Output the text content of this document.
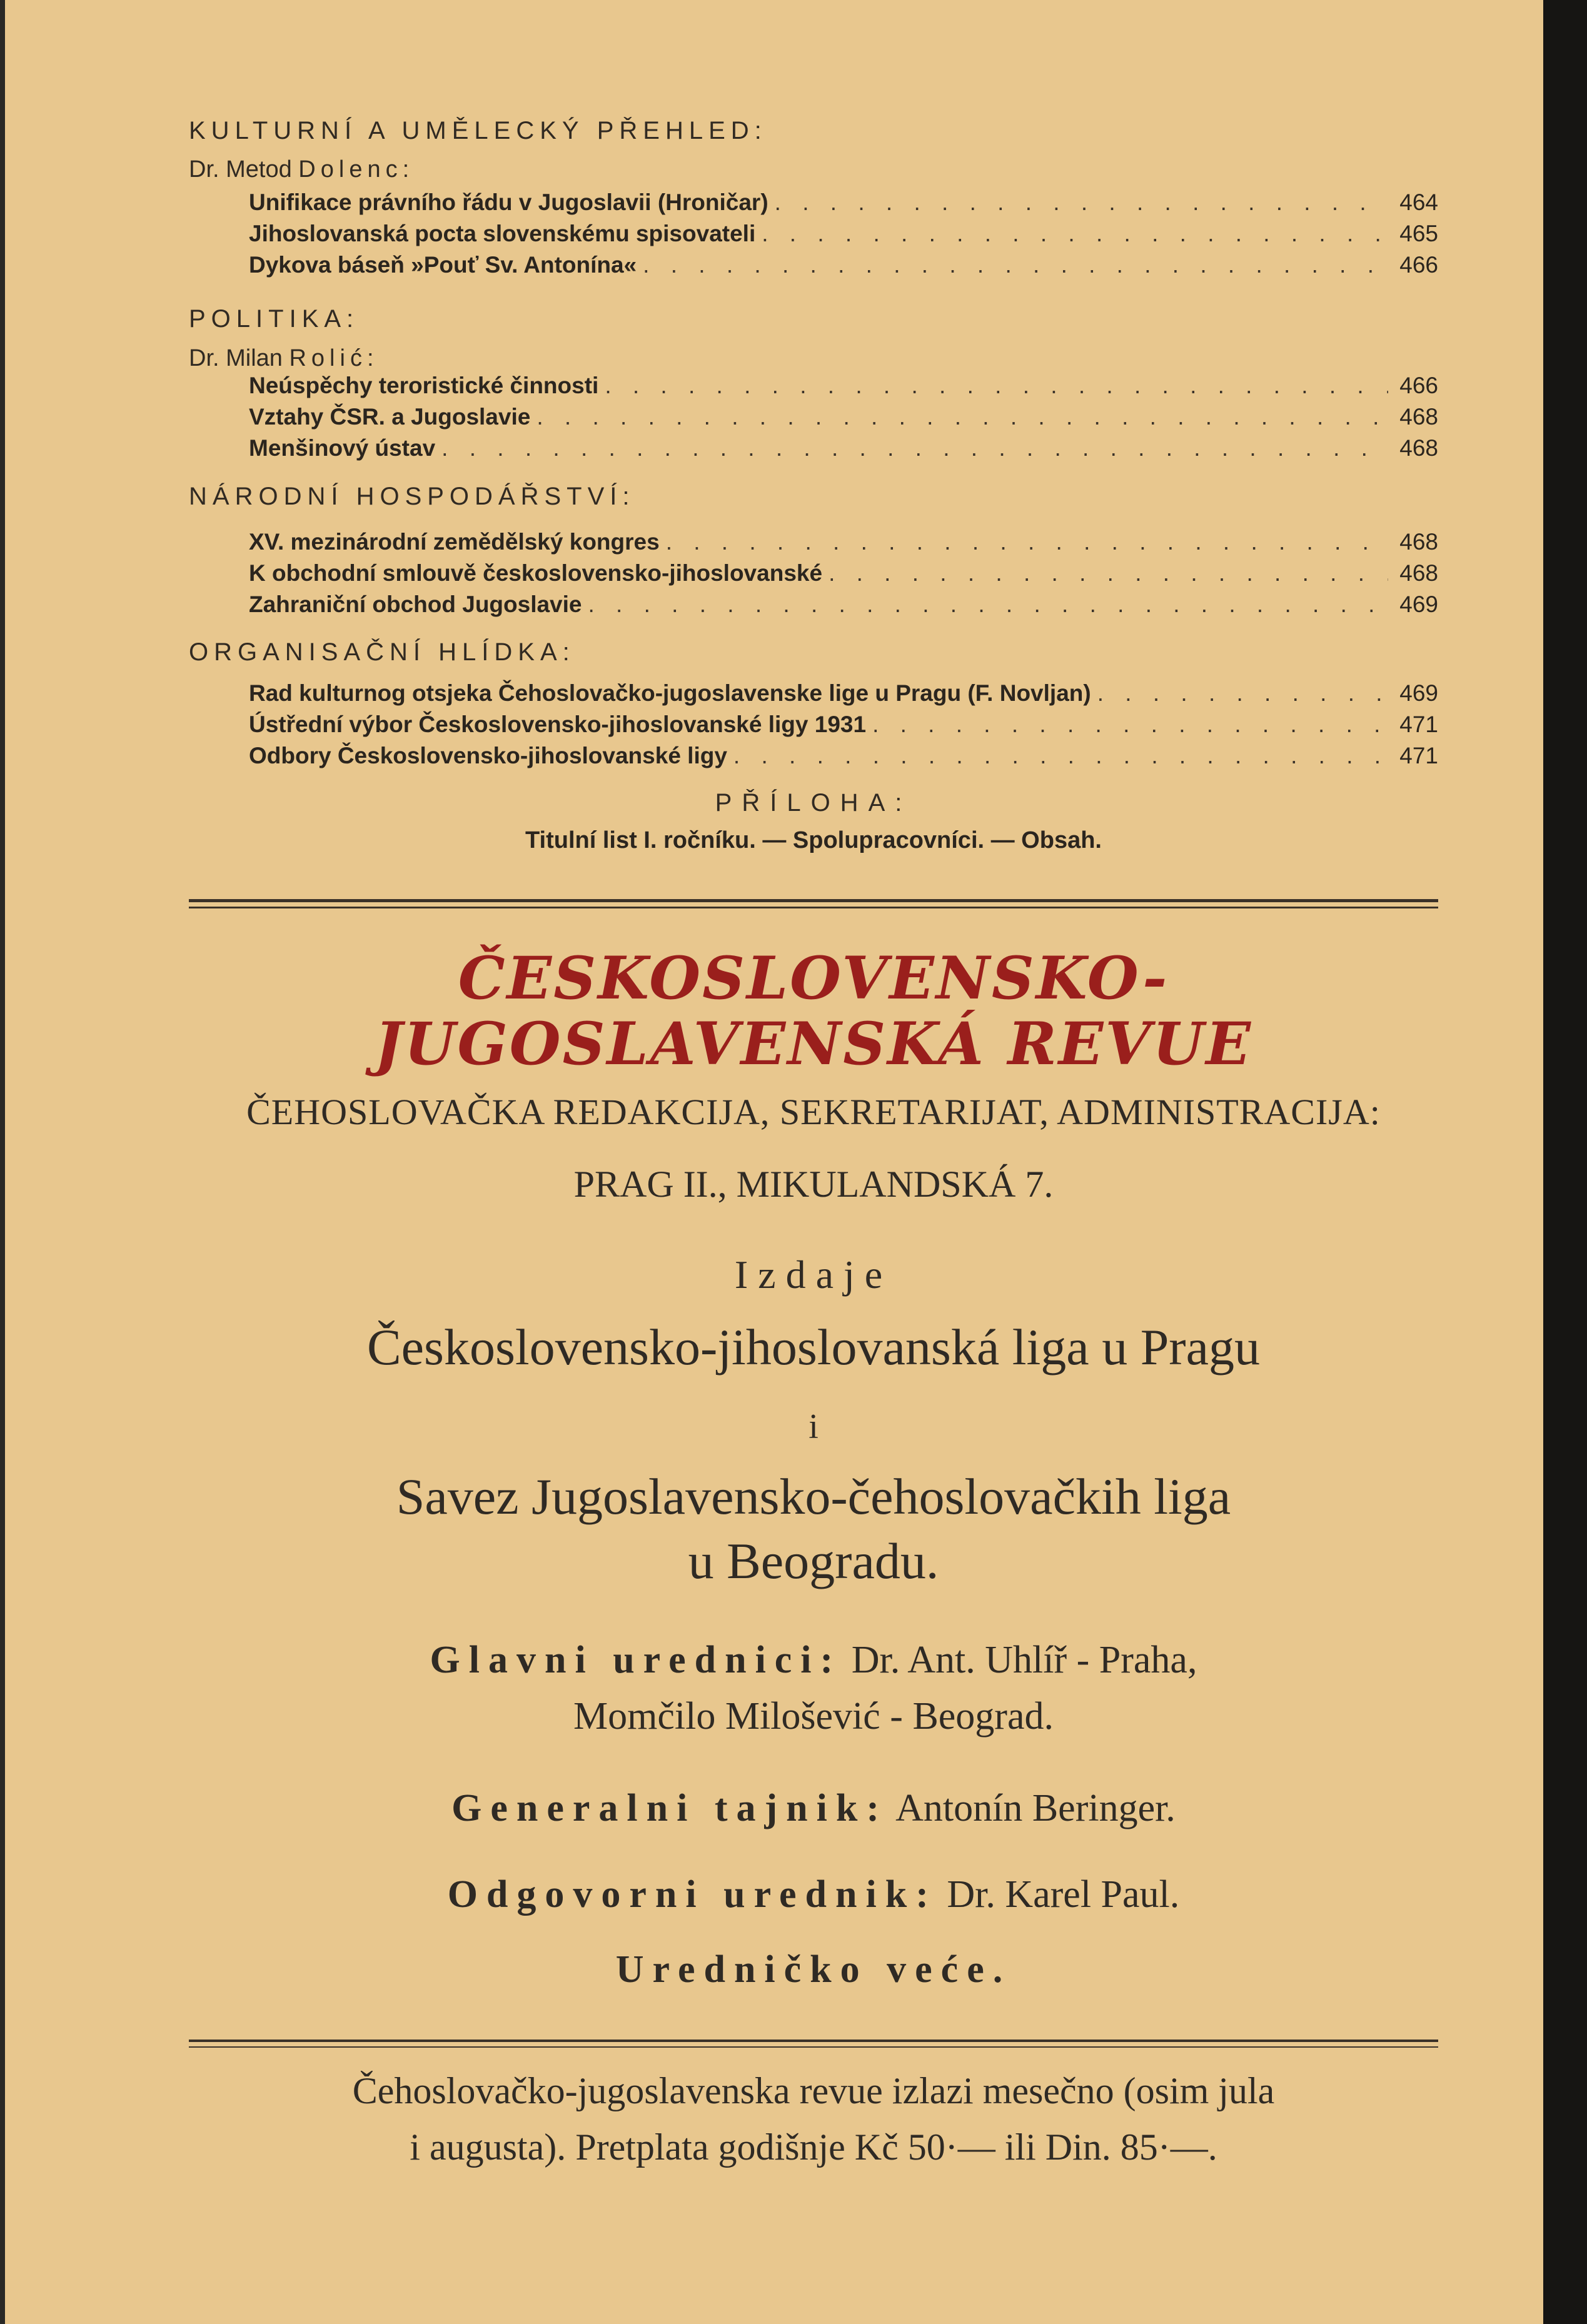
KULTURNÍ A UMĚLECKÝ PŘEHLED:
Dr. Metod Dolenc:
Unifikace právního řádu v Jugoslavii (Hroničar) . . .	464
Jihoslovanská pocta slovenskému spisovateli . . .	465
Dykova báseň »Pouť Sv. Antonína« . . .	466
POLITIKA:
Dr. Milan Rolić:
Neúspěchy teroristické činnosti . . .	466
Vztahy ČSR. a Jugoslavie . . .	468
Menšinový ústav . . .	468
NÁRODNÍ HOSPODÁŘSTVÍ:
XV. mezinárodní zemědělský kongres . . .	468
K obchodní smlouvě československo-jihoslovanské . . .	468
Zahraniční obchod Jugoslavie . . .	469
ORGANISAČNÍ HLÍDKA:
Rad kulturnog otsjeka Čehoslovačko-jugoslavenske lige u Pragu (F. Novljan) . . .	469
Ústřední výbor Československo-jihoslovanské ligy 1931 . . .	471
Odbory Československo-jihoslovanské ligy . . .	471
PŘÍLOHA:
Titulní list I. ročníku. — Spolupracovníci. — Obsah.
ČESKOSLOVENSKO-
JUGOSLAVENSKÁ REVUE
ČEHOSLOVAČKA REDAKCIJA, SEKRETARIJAT, ADMINISTRACIJA:
PRAG II., MIKULANDSKÁ 7.
Izdaje
Československo-jihoslovanská liga u Pragu
i
Savez Jugoslavensko-čehoslovačkih liga
u Beogradu.
Glavni urednici: Dr. Ant. Uhlíř - Praha,
Momčilo Milošević - Beograd.
Generalni tajnik: Antonín Beringer.
Odgovorni urednik: Dr. Karel Paul.
Uredničko veće.
Čehoslovačko-jugoslavenska revue izlazi mesečno (osim jula
i augusta). Pretplata godišnje Kč 50·— ili Din. 85·—.
